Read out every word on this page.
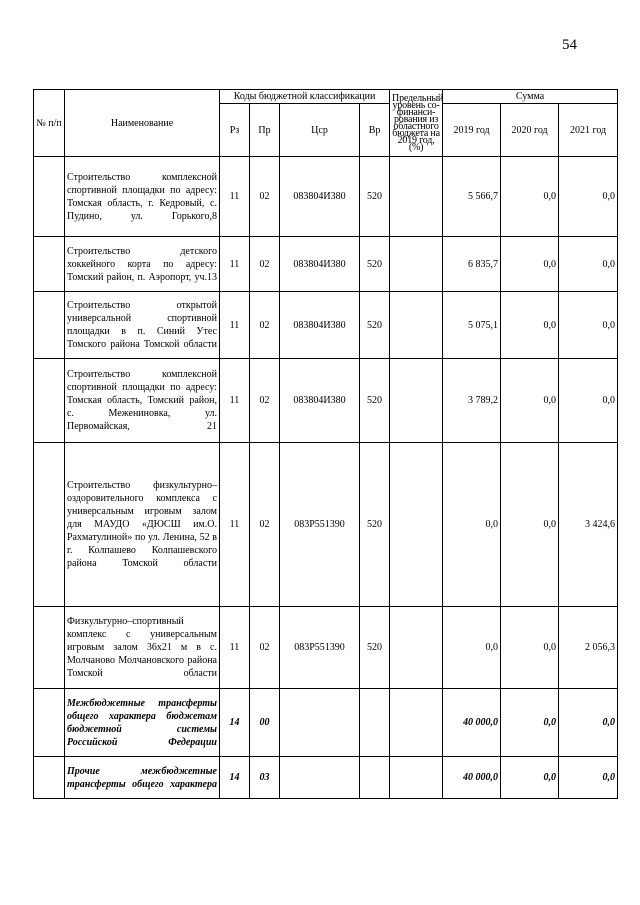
54
№ п/п	Наименование	Коды бюджетной классификации				Предельный уровень со-финанси-рования из областного бюджета на 2019 год, (%)	Сумма		
		Рз	Пр	Цср	Вр		2019 год	2020 год	2021 год
	Строительство комплексной спортивной площадки по адресу: Томская область, г. Кедровый, с. Пудино, ул. Горького,8	11	02	083804И380	520		5 566,7	0,0	0,0
	Строительство детского хоккейного корта по адресу: Томский район, п. Аэропорт, уч.13	11	02	083804И380	520		6 835,7	0,0	0,0
	Строительство открытой универсальной спортивной площадки в п. Синий Утес Томского района Томской области	11	02	083804И380	520		5 075,1	0,0	0,0
	Строительство комплексной спортивной площадки по адресу: Томская область, Томский район, с. Межениновка, ул. Первомайская, 21	11	02	083804И380	520		3 789,2	0,0	0,0
	Строительство физкультурно–оздоровительного комплекса с универсальным игровым залом для МАУДО «ДЮСШ им.О. Рахматулиной» по ул. Ленина, 52 в г. Колпашево Колпашевского района Томской области	11	02	083Р551390	520		0,0	0,0	3 424,6
	Физкультурно–спортивный комплекс с универсальным игровым залом 36х21 м в с. Молчаново Молчановского района Томской области	11	02	083Р551390	520		0,0	0,0	2 056,3
	Межбюджетные трансферты общего характера бюджетам бюджетной системы Российской Федерации	14	00				40 000,0	0,0	0,0
	Прочие межбюджетные трансферты общего характера	14	03				40 000,0	0,0	0,0
